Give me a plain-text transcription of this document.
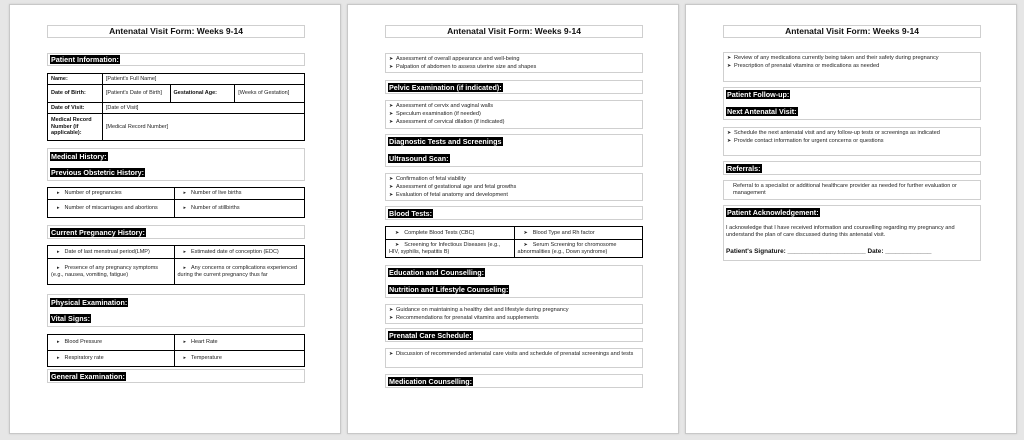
Antenatal Visit Form: Weeks 9-14
Patient Information:
Name:	[Patient's Full Name]		
Date of Birth:	[Patient's Date of Birth]	Gestational Age:	[Weeks of Gestation]
Date of Visit:	[Date of Visit]		
Medical Record Number (if applicable):	[Medical Record Number]		
Medical History:
Previous Obstetric History:
▸ Number of pregnancies	▸ Number of live births
▸ Number of miscarriages and abortions	▸ Number of stillbirths
Current Pregnancy History:
▸ Date of last menstrual period(LMP)	▸ Estimated date of conception (EDC)
▸ Presence of any pregnancy symptoms (e.g., nausea, vomiting, fatigue)	▸ Any concerns or complications experienced during the current pregnancy thus far
Physical Examination:
Vital Signs:
▸ Blood Pressure	▸ Heart Rate
▸ Respiratory rate	▸ Temperature
General Examination:
Antenatal Visit Form: Weeks 9-14
➤ Assessment of overall appearance and well-being
➤ Palpation of abdomen to assess uterine size and shapes
Pelvic Examination (if indicated):
➤ Assessment of cervix and vaginal walls
➤ Speculum examination (if needed)
➤ Assessment of cervical dilation (if indicated)
Diagnostic Tests and Screenings
Ultrasound Scan:
➤ Confirmation of fetal viability
➤ Assessment of gestational age and fetal growths
➤ Evaluation of fetal anatomy and development
Blood Tests:
➤ Complete Blood Tests (CBC)	➤ Blood Type and Rh factor
➤ Screening for Infectious Diseases (e.g., HIV, syphilis, hepatitis B)	➤ Serum Screening for chromosome abnormalities (e.g., Down syndrome)
Education and Counselling:
Nutrition and Lifestyle Counseling:
➤ Guidance on maintaining a healthy diet and lifestyle during pregnancy
➤ Recommendations for prenatal vitamins and supplements
Prenatal Care Schedule:
➤ Discussion of recommended antenatal care visits and schedule of prenatal screenings and tests
Medication Counselling:
Antenatal Visit Form: Weeks 9-14
➤ Review of any medications currently being taken and their safety during pregnancy
➤ Prescription of prenatal vitamins or medications as needed
Patient Follow-up:
Next Antenatal Visit:
➤ Schedule the next antenatal visit and any follow-up tests or screenings as indicated
➤ Provide contact information for urgent concerns or questions
Referrals:
Referral to a specialist or additional healthcare provider as needed for further evaluation or management
Patient Acknowledgement:
I acknowledge that I have received information and counselling regarding my pregnancy and understand the plan of care discussed during this antenatal visit.
Patient's Signature: ______________________ Date: _____________
